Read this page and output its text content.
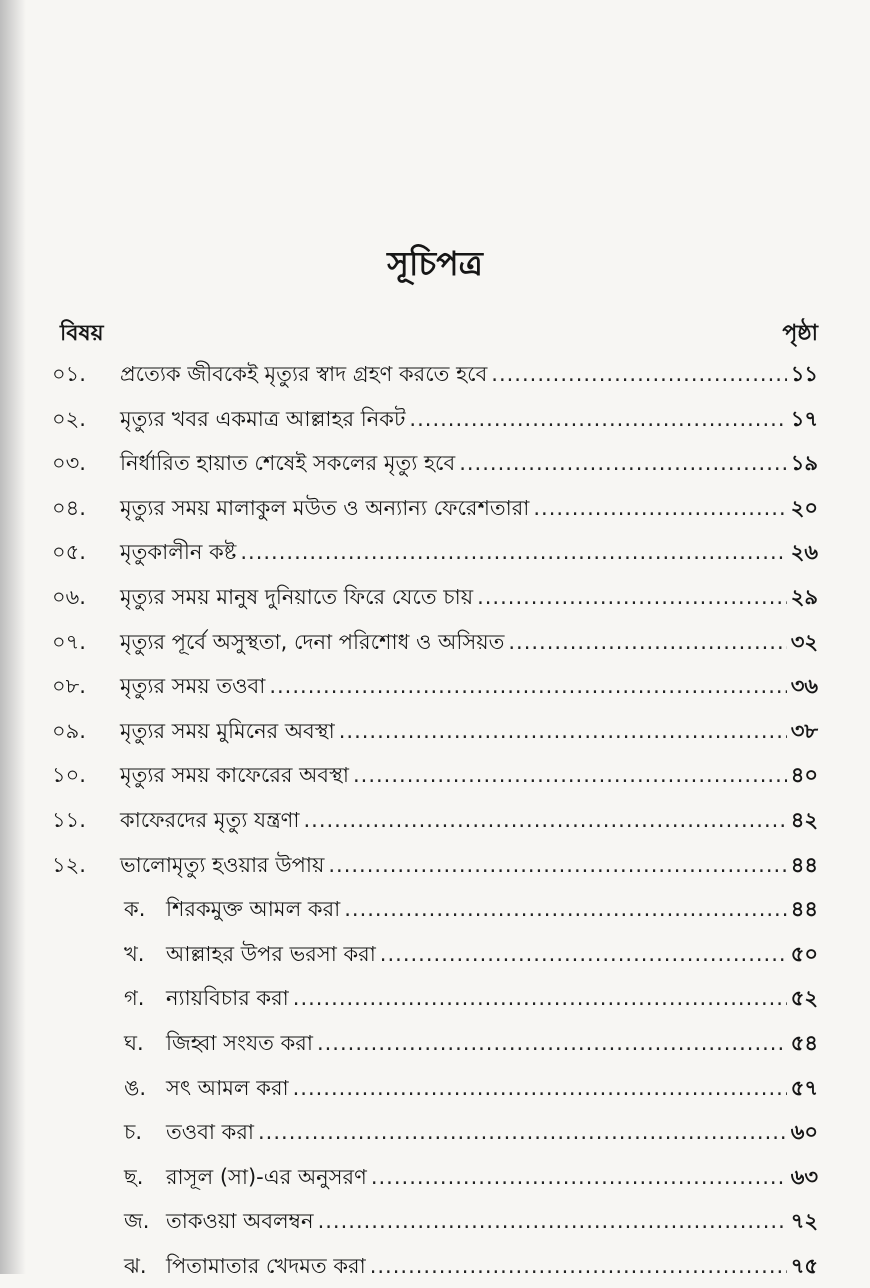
সূচিপত্র
বিষয়	পৃষ্ঠা
০১.	প্রত্যেক জীবকেই মৃত্যুর স্বাদ গ্রহণ করতে হবে .....	১১
০২.	মৃত্যুর খবর একমাত্র আল্লাহর নিকট .....	১৭
০৩.	নির্ধারিত হায়াত শেষেই সকলের মৃত্যু হবে .....	১৯
০৪.	মৃত্যুর সময় মালাকুল মউত ও অন্যান্য ফেরেশতারা .....	২০
০৫.	মৃতুকালীন কষ্ট .....	২৬
০৬.	মৃত্যুর সময় মানুষ দুনিয়াতে ফিরে যেতে চায় .....	২৯
০৭.	মৃত্যুর পূর্বে অসুস্থতা, দেনা পরিশোধ ও অসিয়ত .....	৩২
০৮.	মৃত্যুর সময় তওবা .....	৩৬
০৯.	মৃত্যুর সময় মুমিনের অবস্থা .....	৩৮
১০.	মৃত্যুর সময় কাফেরের অবস্থা .....	৪০
১১.	কাফেরদের মৃত্যু যন্ত্রণা .....	৪২
১২.	ভালোমৃত্যু হওয়ার উপায় .....	৪৪
ক. শিরকমুক্ত আমল করা .....	৪৪
খ.	আল্লাহর উপর ভরসা করা .....	৫০
গ.	ন্যায়বিচার করা .....	৫২
ঘ.	জিহ্বা সংযত করা .....	৫৪
ঙ. সৎ আমল করা .....	৫৭
চ.	তওবা করা .....	৬০
ছ.	রাসূল (সা)-এর অনুসরণ .....	৬৩
জ. তাকওয়া অবলম্বন .....	৭২
ঝ. পিতামাতার খেদমত করা .....	৭৫
